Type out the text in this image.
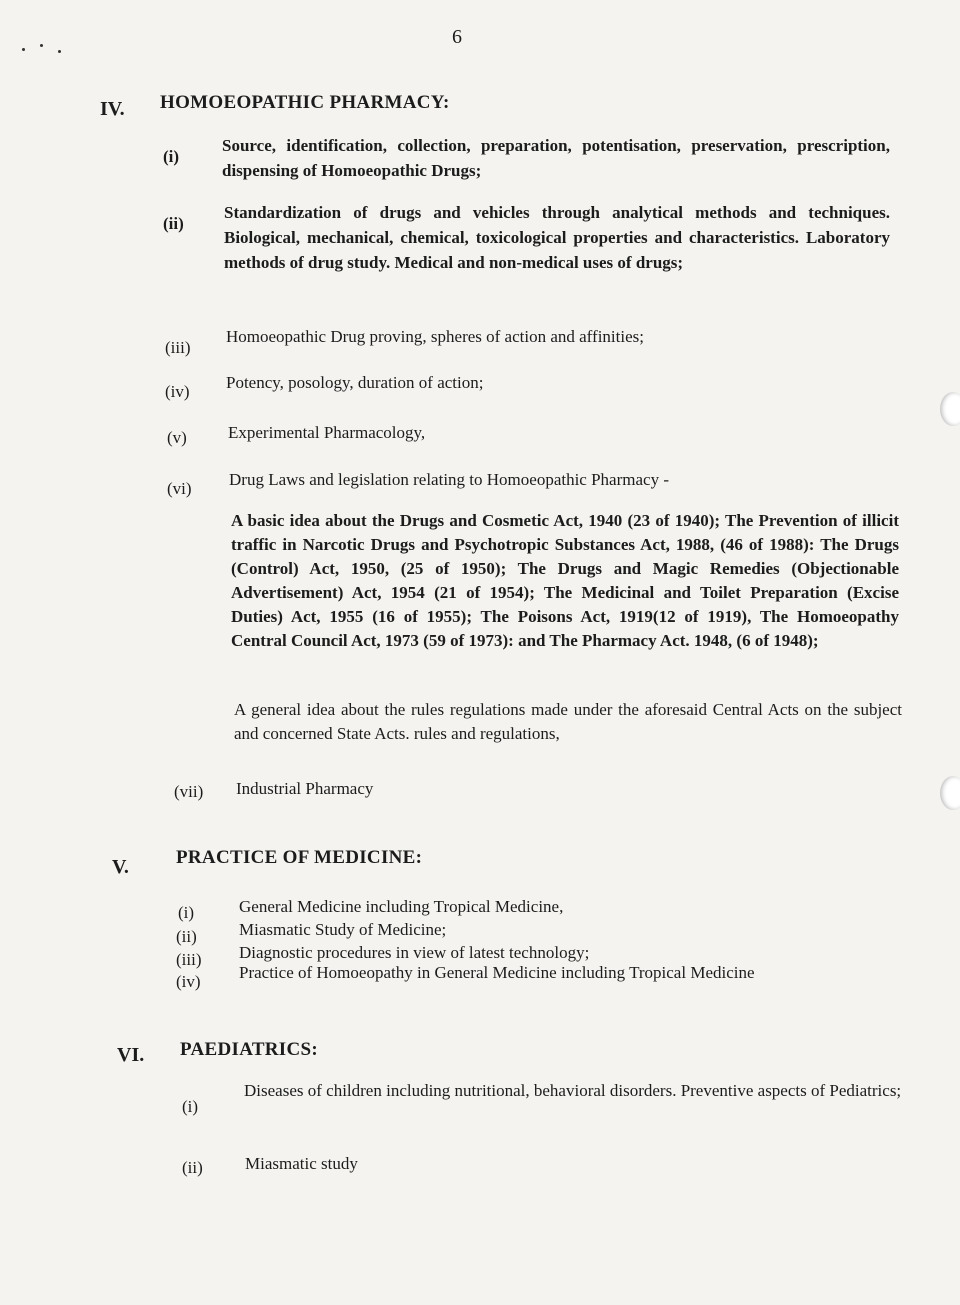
6
IV. HOMOEOPATHIC PHARMACY:
(i)
Source, identification, collection, preparation, potentisation, preservation, prescription, dispensing of Homoeopathic Drugs;
(ii)
Standardization of drugs and vehicles through analytical methods and techniques. Biological, mechanical, chemical, toxicological properties and characteristics. Laboratory methods of drug study. Medical and non-medical uses of drugs;
(iii)
Homoeopathic Drug proving, spheres of action and affinities;
(iv) Potency, posology, duration of action;
(v) Experimental Pharmacology,
(vi) Drug Laws and legislation relating to Homoeopathic Pharmacy -
A basic idea about the Drugs and Cosmetic Act, 1940 (23 of 1940); The Prevention of illicit traffic in Narcotic Drugs and Psychotropic Substances Act, 1988, (46 of 1988): The Drugs (Control) Act, 1950, (25 of 1950); The Drugs and Magic Remedies (Objectionable Advertisement) Act, 1954 (21 of 1954); The Medicinal and Toilet Preparation (Excise Duties) Act, 1955 (16 of 1955); The Poisons Act, 1919(12 of 1919), The Homoeopathy Central Council Act, 1973 (59 of 1973): and The Pharmacy Act. 1948, (6 of 1948);
A general idea about the rules regulations made under the aforesaid Central Acts on the subject and concerned State Acts. rules and regulations,
(vii) Industrial Pharmacy
V. PRACTICE OF MEDICINE:
(i)	General Medicine including Tropical Medicine,
(ii) Miasmatic Study of Medicine;
(iii) Diagnostic procedures in view of latest technology;
(iv) Practice of Homoeopathy in General Medicine including Tropical Medicine
VI. PAEDIATRICS:
(i)
Diseases of children including nutritional, behavioral disorders. Preventive aspects of Pediatrics;
(ii) Miasmatic study
